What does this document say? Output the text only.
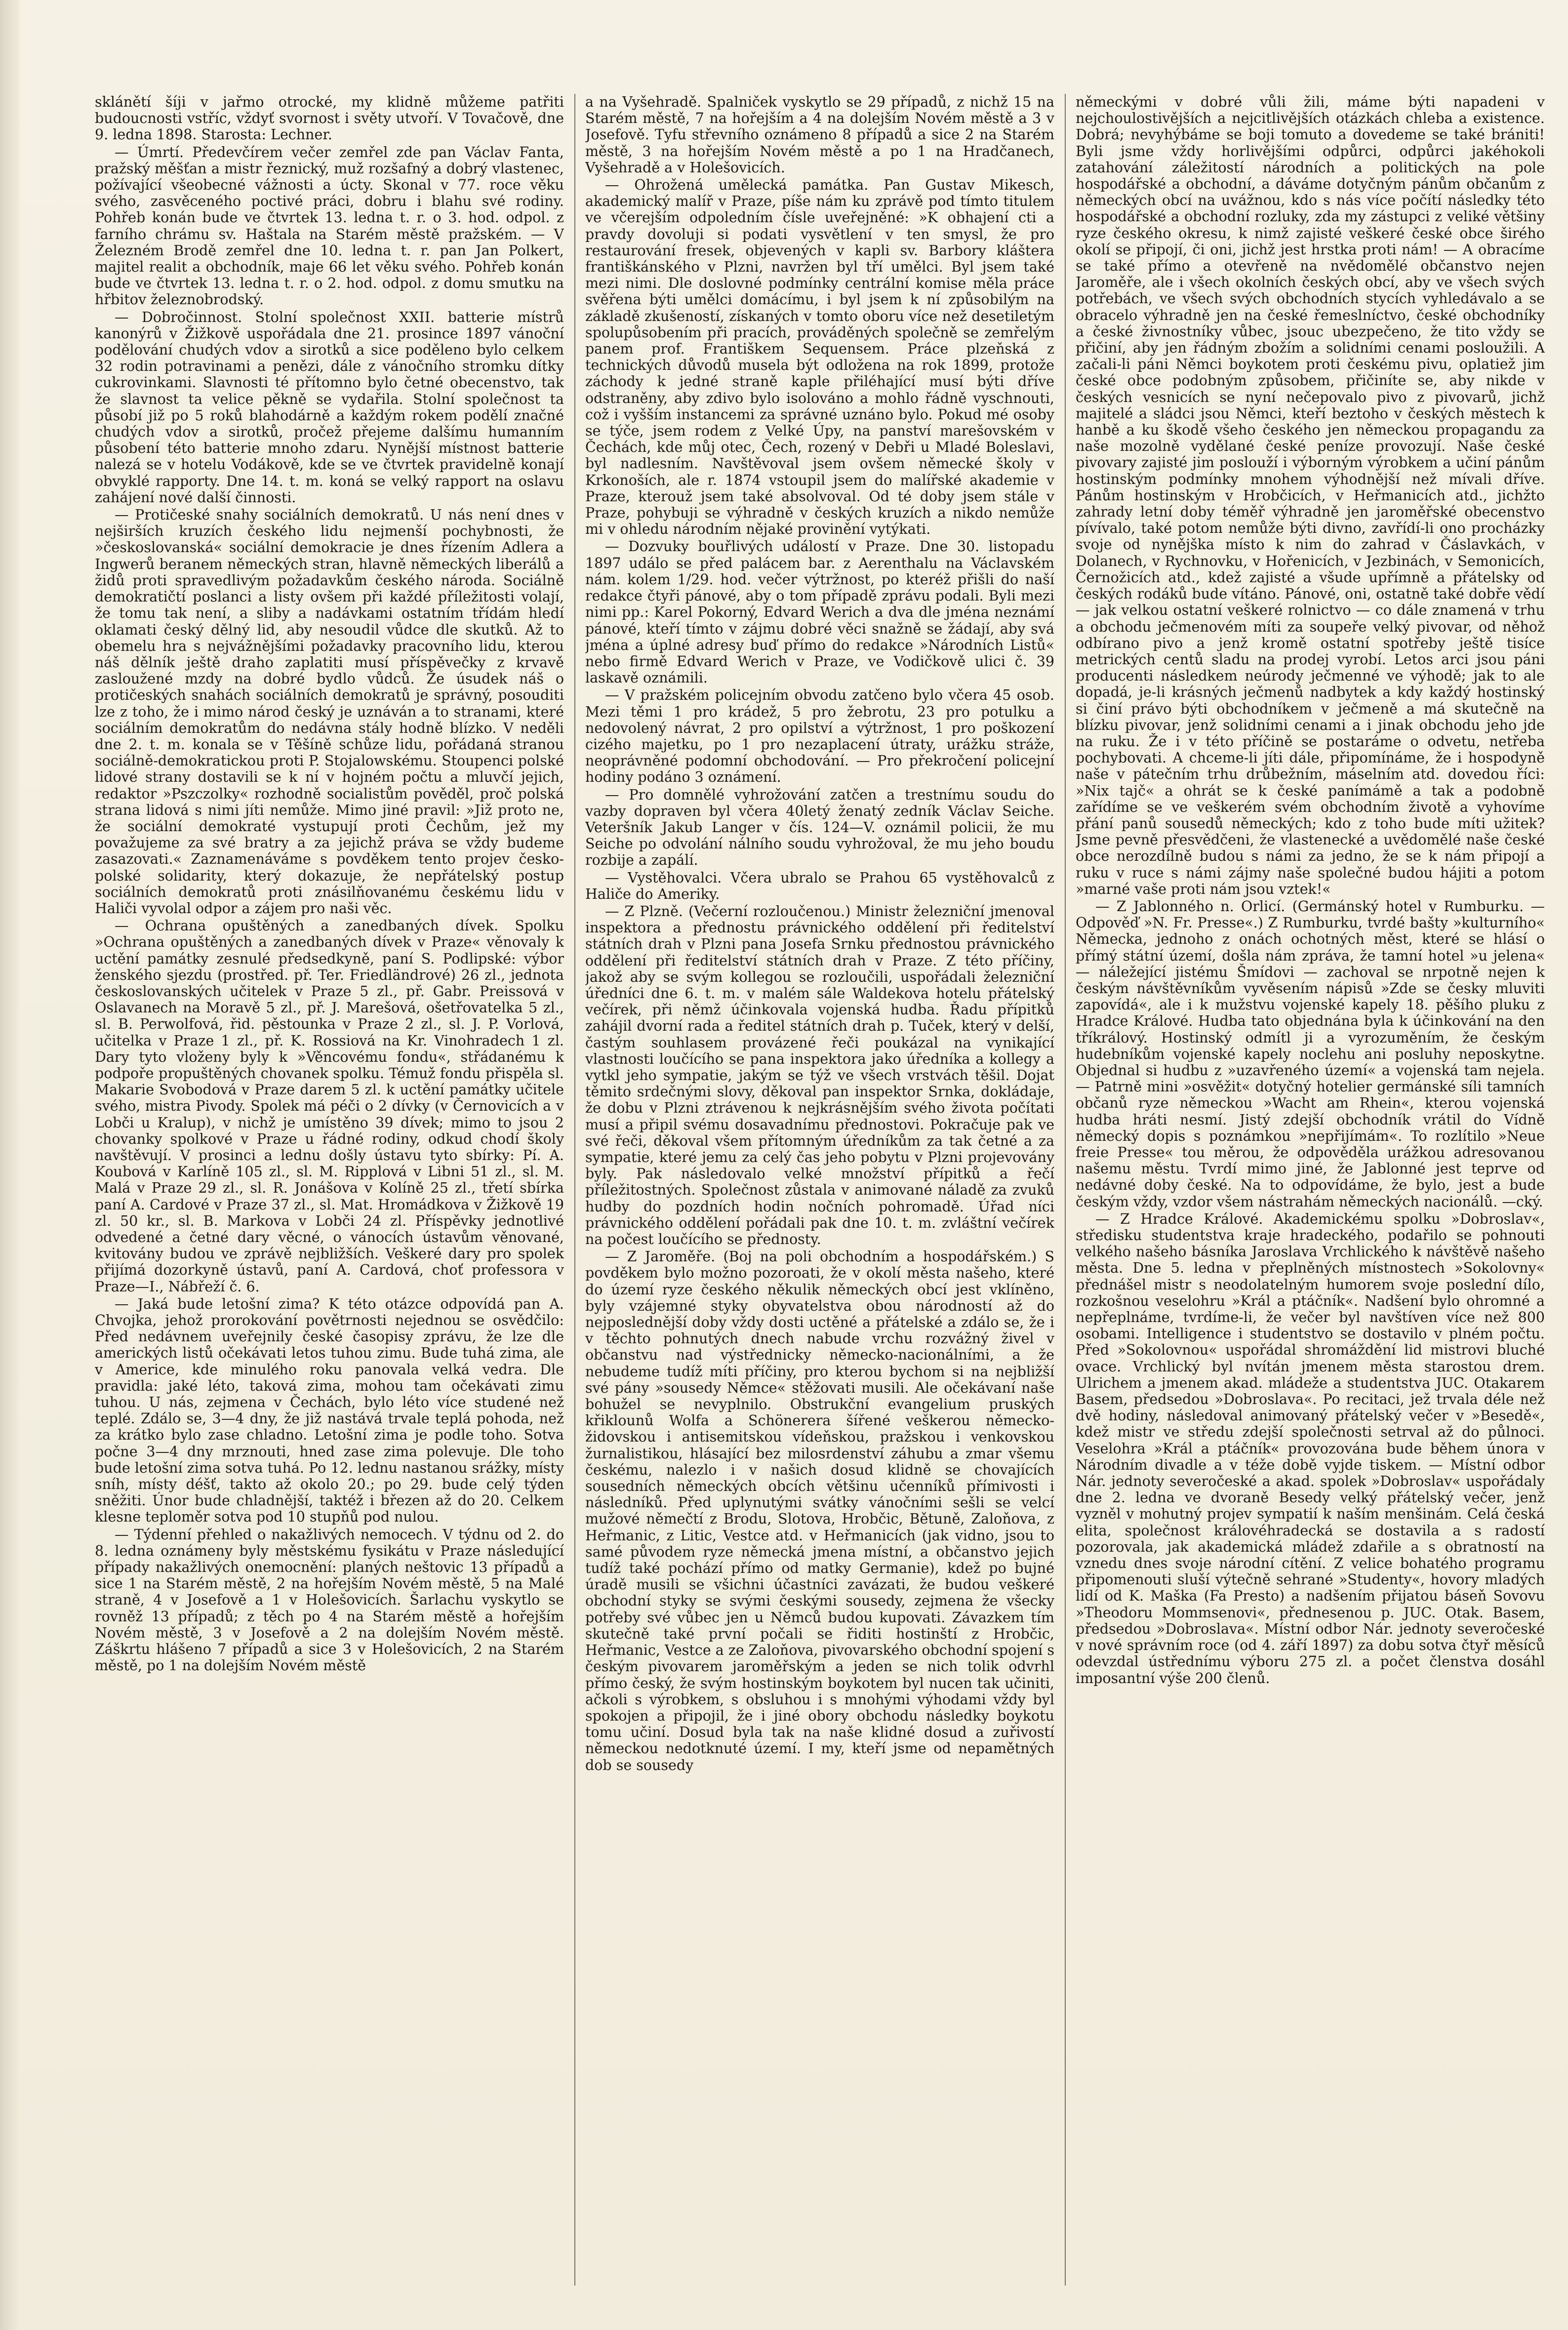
sklánětí šíji v jařmo otrocké, my klidně můžeme patřiti budoucnosti vstříc, vždyť svornost i světy utvoří. V Tovačově, dne 9. ledna 1898. Starosta: Lechner.

— Úmrtí. Předevčírem večer zemřel zde pan Václav Fanta, pražský měšťan a mistr řeznický, muž rozšafný a dobrý vlastenec, požívající všeobecné vážnosti a úcty. Skonal v 77. roce věku svého, zasvěceného poctivé práci, dobru i blahu své rodiny. Pohřeb konán bude ve čtvrtek 13. ledna t. r. o 3. hod. odpol. z farního chrámu sv. Haštala na Starém městě pražském. — V Železném Brodě zemřel dne 10. ledna t. r. pan Jan Polkert, majitel realit a obchodník, maje 66 let věku svého. Pohřeb konán bude ve čtvrtek 13. ledna t. r. o 2. hod. odpol. z domu smutku na hřbitov železnobrodský.

— Dobročinnost. Stolní společnost XXII. batterie místrů kanonýrů v Žižkově uspořádala dne 21. prosince 1897 vánoční podělování chudých vdov a sirotků a sice poděleno bylo celkem 32 rodin potravinami a penězi, dále z vánočního stromku dítky cukrovinkami. Slavnosti té přítomno bylo četné obecenstvo, tak že slavnost ta velice pěkně se vydařila. Stolní společnost ta působí již po 5 roků blahodárně a každým rokem podělí značné chudých vdov a sirotků, pročež přejeme dalšímu humanním působení této batterie mnoho zdaru. Nynější místnost batterie nalezá se v hotelu Vodákově, kde se ve čtvrtek pravidelně konají obvyklé rapporty. Dne 14. t. m. koná se velký rapport na oslavu zahájení nové další činnosti.

— Protičeské snahy sociálních demokratů. U nás není dnes v nejširších kruzích českého lidu nejmenší pochybnosti, že »českoslovanská« sociální demokracie je dnes řízením Adlera a Ingwerů beranem německých stran, hlavně německých liberálů a židů proti spravedlivým požadavkům českého národa. Sociálně demokratičtí poslanci a listy ovšem při každé příležitosti volají, že tomu tak není, a sliby a nadávkami ostatním třídám hledí oklamati český dělný lid, aby nesoudil vůdce dle skutků. Až to obemelu hra s nejvážnějšími požadavky pracovního lidu, kterou náš dělník ještě draho zaplatiti musí příspěvečky z krvavě zasloužené mzdy na dobré bydlo vůdců. Že úsudek náš o protičeských snahách sociálních demokratů je správný, posouditi lze z toho, že i mimo národ český je uznáván a to stranami, které sociálním demokratům do nedávna stály hodně blízko. V neděli dne 2. t. m. konala se v Těšíně schůze lidu, pořádaná stranou sociálně-demokratickou proti P. Stojalowskému. Stoupenci polské lidové strany dostavili se k ní v hojném počtu a mluvčí jejich, redaktor »Pszczolky« rozhodně socialistům pověděl, proč polská strana lidová s nimi jíti nemůže. Mimo jiné pravil: »Již proto ne, že sociální demokraté vystupují proti Čechům, jež my považujeme za své bratry a za jejichž práva se vždy budeme zasazovati.« Zaznamenáváme s povděkem tento projev česko-polské solidarity, který dokazuje, že nepřátelský postup sociálních demokratů proti znásilňovanému českému lidu v Haliči vyvolal odpor a zájem pro naši věc.

— Ochrana opuštěných a zanedbaných dívek. Spolku »Ochrana opuštěných a zanedbaných dívek v Praze« věnovaly k uctění památky zesnulé předsedkyně, paní S. Podlipské: výbor ženského sjezdu (prostřed. př. Ter. Friedländrové) 26 zl., jednota českoslovanských učitelek v Praze 5 zl., př. Gabr. Preissová v Oslavanech na Moravě 5 zl., př. J. Marešová, ošetřovatelka 5 zl., sl. B. Perwolfová, řid. pěstounka v Praze 2 zl., sl. J. P. Vorlová, učitelka v Praze 1 zl., př. K. Rossiová na Kr. Vinohradech 1 zl. Dary tyto vloženy byly k »Věncovému fondu«, střádanému k podpoře propuštěných chovanek spolku. Témuž fondu přispěla sl. Makarie Svobodová v Praze darem 5 zl. k uctění památky učitele svého, mistra Pivody. Spolek má péči o 2 dívky (v Černovicích a v Lobči u Kralup), v nichž je umístěno 39 dívek; mimo to jsou 2 chovanky spolkové v Praze u řádné rodiny, odkud chodí školy navštěvují. V prosinci a lednu došly ústavu tyto sbírky: Pí. A. Koubová v Karlíně 105 zl., sl. M. Ripplová v Libni 51 zl., sl. M. Malá v Praze 29 zl., sl. R. Jonášova v Kolíně 25 zl., třetí sbírka paní A. Cardové v Praze 37 zl., sl. Mat. Hromádkova v Žižkově 19 zl. 50 kr., sl. B. Markova v Lobči 24 zl. Příspěvky jednotlivé odvedené a četné dary věcné, o vánocích ústavům věnované, kvitovány budou ve zprávě nejbližších. Veškeré dary pro spolek přijímá dozorkyně ústavů, paní A. Cardová, choť professora v Praze—I., Nábřeží č. 6.

— Jaká bude letošní zima? K této otázce odpovídá pan A. Chvojka, jehož prorokování povětrnosti nejednou se osvědčilo: Před nedávnem uveřejnily české časopisy zprávu, že lze dle amerických listů očekávati letos tuhou zimu. Bude tuhá zima, ale v Americe, kde minulého roku panovala velká vedra. Dle pravidla: jaké léto, taková zima, mohou tam očekávati zimu tuhou. U nás, zejmena v Čechách, bylo léto více studené než teplé. Zdálo se, 3—4 dny, že již nastává trvale teplá pohoda, než za krátko bylo zase chladno. Letošní zima je podle toho. Sotva počne 3—4 dny mrznouti, hned zase zima polevuje. Dle toho bude letošní zima sotva tuhá. Po 12. lednu nastanou srážky, místy sníh, místy déšť, takto až okolo 20.; po 29. bude celý týden sněžiti. Únor bude chladnější, taktéž i březen až do 20. Celkem klesne teploměr sotva pod 10 stupňů pod nulou.

— Týdenní přehled o nakažlivých nemocech. V týdnu od 2. do 8. ledna oznámeny byly městskému fysikátu v Praze následující případy nakažlivých onemocnění: planých neštovic 13 případů a sice 1 na Starém městě, 2 na hořejším Novém městě, 5 na Malé straně, 4 v Josefově a 1 v Holešovicích. Šarlachu vyskytlo se rovněž 13 případů; z těch po 4 na Starém městě a hořejším Novém městě, 3 v Josefově a 2 na dolejším Novém městě. Záškrtu hlášeno 7 případů a sice 3 v Holešovicích, 2 na Starém městě, po 1 na dolejším Novém městě

a na Vyšehradě. Spalniček vyskytlo se 29 případů, z nichž 15 na Starém městě, 7 na hořejším a 4 na dolejším Novém městě a 3 v Josefově. Tyfu střevního oznámeno 8 případů a sice 2 na Starém městě, 3 na hořejším Novém městě a po 1 na Hradčanech, Vyšehradě a v Holešovicích.

— Ohrožená umělecká památka. Pan Gustav Mikesch, akademický malíř v Praze, píše nám ku zprávě pod tímto titulem ve včerejším odpoledním čísle uveřejněné: »K obhajení cti a pravdy dovoluji si podati vysvětlení v ten smysl, že pro restaurování fresek, objevených v kapli sv. Barbory kláštera františkánského v Plzni, navržen byl tří umělci. Byl jsem také mezi nimi. Dle doslovné podmínky centrální komise měla práce svěřena býti umělci domácímu, i byl jsem k ní způsobilým na základě zkušeností, získaných v tomto oboru více než desetiletým spolupůsobením při pracích, prováděných společně se zemřelým panem prof. Františkem Sequensem. Práce plzeňská z technických důvodů musela být odložena na rok 1899, protože záchody k jedné straně kaple přiléhající musí býti dříve odstraněny, aby zdivo bylo isolováno a mohlo řádně vyschnouti, což i vyšším instancemi za správné uznáno bylo. Pokud mé osoby se týče, jsem rodem z Velké Úpy, na panství marešovském v Čechách, kde můj otec, Čech, rozený v Debři u Mladé Boleslavi, byl nadlesním. Navštěvoval jsem ovšem německé školy v Krkonoších, ale r. 1874 vstoupil jsem do malířské akademie v Praze, kterouž jsem také absolvoval. Od té doby jsem stále v Praze, pohybuji se výhradně v českých kruzích a nikdo nemůže mi v ohledu národním nějaké provinění vytýkati.

— Dozvuky bouřlivých událostí v Praze. Dne 30. listopadu 1897 událo se před palácem bar. z Aerenthalu na Václavském nám. kolem 1/29. hod. večer výtržnost, po kteréž přišli do naší redakce čtyři pánové, aby o tom případě zprávu podali. Byli mezi nimi pp.: Karel Pokorný, Edvard Werich a dva dle jména neznámí pánové, kteří tímto v zájmu dobré věci snažně se žádají, aby svá jména a úplné adresy buď přímo do redakce »Národních Listů« nebo firmě Edvard Werich v Praze, ve Vodičkově ulici č. 39 laskavě oznámili.

— V pražském policejním obvodu zatčeno bylo včera 45 osob. Mezi těmi 1 pro krádež, 5 pro žebrotu, 23 pro potulku a nedovolený návrat, 2 pro opilství a výtržnost, 1 pro poškození cizého majetku, po 1 pro nezaplacení útraty, urážku stráže, neoprávněné podomní obchodování. — Pro překročení policejní hodiny podáno 3 oznámení.

— Pro domnělé vyhrožování zatčen a trestnímu soudu do vazby dopraven byl včera 40letý ženatý zedník Václav Seiche. Veteršník Jakub Langer v čís. 124—V. oznámil policii, že mu Seiche po odvolání nálního soudu vyhrožoval, že mu jeho boudu rozbije a zapálí.

— Vystěhovalci. Včera ubralo se Prahou 65 vystěhovalců z Haliče do Ameriky.

— Z Plzně. (Večerní rozloučenou.) Ministr železniční jmenoval inspektora a přednostu právnického oddělení při ředitelství státních drah v Plzni pana Josefa Srnku přednostou právnického oddělení při ředitelství státních drah v Praze. Z této příčiny, jakož aby se svým kollegou se rozloučili, uspořádali železniční úředníci dne 6. t. m. v malém sále Waldekova hotelu přátelský večírek, při němž účinkovala vojenská hudba. Řadu přípitků zahájil dvorní rada a ředitel státních drah p. Tuček, který v delší, častým souhlasem provázené řeči poukázal na vynikající vlastnosti loučícího se pana inspektora jako úředníka a kollegy a vytkl jeho sympatie, jakým se týž ve všech vrstvách těšil. Dojat těmito srdečnými slovy, děkoval pan inspektor Srnka, dokládaje, že dobu v Plzni ztrávenou k nejkrásnějším svého života počítati musí a připil svému dosavadnímu přednostovi. Pokračuje pak ve své řeči, děkoval všem přítomným úředníkům za tak četné a za sympatie, které jemu za celý čas jeho pobytu v Plzni projevovány byly. Pak následovalo velké množství přípitků a řečí příležitostných. Společnost zůstala v animované náladě za zvuků hudby do pozdních hodin nočních pohromadě. Úřad níci právnického oddělení pořádali pak dne 10. t. m. zvláštní večírek na počest loučícího se přednosty.

— Z Jaroměře. (Boj na poli obchodním a hospodářském.) S povděkem bylo možno pozoroati, že v okolí města našeho, které do území ryze českého někulik německých obcí jest vklíněno, byly vzájemné styky obyvatelstva obou národností až do nejposlednější doby vždy dosti uctěné a přátelské a zdálo se, že i v těchto pohnutých dnech nabude vrchu rozvážný živel v občanstvu nad výstřednicky německo-nacionálními, a že nebudeme tudíž míti příčiny, pro kterou bychom si na nejbližší své pány »sousedy Němce« stěžovati musili. Ale očekávaní naše bohužel se nevyplnilo. Obstrukční evangelium pruských křiklounů Wolfa a Schönerera šířené veškerou německo-židovskou i antisemitskou vídeňskou, pražskou i venkovskou žurnalistikou, hlásající bez milosrdenství záhubu a zmar všemu českému, nalezlo i v našich dosud klidně se chovajících sousedních německých obcích většinu učenníků přímivosti i následníků. Před uplynutými svátky vánočními sešli se velcí mužové němečtí z Brodu, Slotova, Hrobčic, Bětuně, Zaloňova, z Heřmanic, z Litic, Vestce atd. v Heřmanicích (jak vidno, jsou to samé původem ryze německá jmena místní, a občanstvo jejich tudíž také pochází přímo od matky Germanie), kdež po bujné úradě musili se všichni účastníci zavázati, že budou veškeré obchodní styky se svými českými sousedy, zejmena že všecky potřeby své vůbec jen u Němců budou kupovati. Závazkem tím skutečně také první počali se řiditi hostinští z Hrobčic, Heřmanic, Vestce a ze Zaloňova, pivovarského obchodní spojení s českým pivovarem jaroměřským a jeden se nich tolik odvrhl přímo český, že svým hostinským boykotem byl nucen tak učiniti, ačkoli s výrobkem, s obsluhou i s mnohými výhodami vždy byl spokojen a připojil, že i jiné obory obchodu následky boykotu tomu učiní. Dosud byla tak na naše klidné dosud a zuřivostí německou nedotknuté území. I my, kteří jsme od nepamětných dob se sousedy

německými v dobré vůli žili, máme býti napadeni v nejchoulostivějších a nejcitlivějších otázkách chleba a existence. Dobrá; nevyhýbáme se boji tomuto a dovedeme se také brániti! Byli jsme vždy horlivějšími odpůrci, odpůrci jakéhokoli zatahování záležitostí národních a politických na pole hospodářské a obchodní, a dáváme dotyčným pánům občanům z německých obcí na uvážnou, kdo s nás více počítí následky této hospodářské a obchodní rozluky, zda my zástupci z veliké většiny ryze českého okresu, k nimž zajisté veškeré české obce širého okolí se připojí, či oni, jichž jest hrstka proti nám! — A obracíme se také přímo a otevřeně na nvědomělé občanstvo nejen Jaroměře, ale i všech okolních českých obcí, aby ve všech svých potřebách, ve všech svých obchodních stycích vyhledávalo a se obracelo výhradně jen na české řemeslníctvo, české obchodníky a české živnostníky vůbec, jsouc ubezpečeno, že tito vždy se přičiní, aby jen řádným zbožím a solidními cenami posloužili. A začali-li páni Němci boykotem proti českému pivu, oplatiež jim české obce podobným způsobem, přičiníte se, aby nikde v českých vesnicích se nyní nečepovalo pivo z pivovarů, jichž majitelé a sládci jsou Němci, kteří beztoho v českých městech k hanbě a ku škodě všeho českého jen německou propagandu za naše mozolně vydělané české peníze provozují. Naše české pivovary zajisté jim poslouží i výborným výrobkem a učiní pánům hostinským podmínky mnohem výhodnější než mívali dříve. Pánům hostinským v Hrobčicích, v Heřmanicích atd., jichžto zahrady letní doby téměř výhradně jen jaroměřské obecenstvo pívívalo, také potom nemůže býti divno, zavřídí-li ono procházky svoje od nynějška místo k nim do zahrad v Čáslavkách, v Dolanech, v Rychnovku, v Hořenicích, v Jezbinách, v Semonicích, Černožicích atd., kdež zajisté a všude upřímně a přátelsky od českých rodáků bude vítáno. Pánové, oni, ostatně také dobře vědí — jak velkou ostatní veškeré rolnictvo — co dále znamená v trhu a obchodu ječmenovém míti za soupeře velký pivovar, od něhož odbírano pivo a jenž kromě ostatní spotřeby ještě tisíce metrických centů sladu na prodej vyrobí. Letos arci jsou páni producenti následkem neúrody ječmenné ve výhodě; jak to ale dopadá, je-li krásných ječmenů nadbytek a kdy každý hostinský si činí právo býti obchodníkem v ječmeně a má skutečně na blízku pivovar, jenž solidními cenami a i jinak obchodu jeho jde na ruku. Že i v této příčině se postaráme o odvetu, netřeba pochybovati. A chceme-li jíti dále, připomínáme, že i hospodyně naše v pátečním trhu drůbežním, máselním atd. dovedou říci: »Nix tajč« a ohrát se k české panímámě a tak a podobně zařídíme se ve veškerém svém obchodním životě a vyhovíme přání panů sousedů německých; kdo z toho bude míti užitek? Jsme pevně přesvědčeni, že vlastenecké a uvědomělé naše české obce nerozdílně budou s námi za jedno, že se k nám připojí a ruku v ruce s námi zájmy naše společné budou hájiti a potom »marné vaše proti nám jsou vztek!«

— Z Jablonného n. Orlicí. (Germánský hotel v Rumburku. — Odpověď »N. Fr. Presse«.) Z Rumburku, tvrdé bašty »kulturního« Německa, jednoho z onách ochotných měst, které se hlásí o přímý státní území, došla nám zpráva, že tamní hotel »u jelena« — náležející jistému Šmídovi — zachoval se nrpotně nejen k českým návštěvníkům vyvěsením nápisů »Zde se česky mluviti zapovídá«, ale i k mužstvu vojenské kapely 18. pěšího pluku z Hradce Králové. Hudba tato objednána byla k účinkování na den tříkrálový. Hostinský odmítl ji a vyrozuměním, že českým hudebníkům vojenské kapely noclehu ani posluhy neposkytne. Objednal si hudbu z »uzavřeného území« a vojenská tam nejela. — Patrně mini »osvěžit« dotyčný hotelier germánské síli tamních občanů ryze německou »Wacht am Rhein«, kterou vojenská hudba hráti nesmí. Jistý zdejší obchodník vrátil do Vídně německý dopis s poznámkou »nepřijímám«. To rozlítilo »Neue freie Presse« tou měrou, že odpověděla urážkou adresovanou našemu městu. Tvrdí mimo jiné, že Jablonné jest teprve od nedávné doby české. Na to odpovídáme, že bylo, jest a bude českým vždy, vzdor všem nástrahám německých nacionálů. —cký.

— Z Hradce Králové. Akademickému spolku »Dobroslav«, středisku studentstva kraje hradeckého, podařilo se pohnouti velkého našeho básníka Jaroslava Vrchlického k návštěvě našeho města. Dne 5. ledna v přeplněných místnostech »Sokolovny« přednášel mistr s neodolatelným humorem svoje poslední dílo, rozkošnou veselohru »Král a ptáčník«. Nadšení bylo ohromné a nepřeplnáme, tvrdíme-li, že večer byl navštíven více než 800 osobami. Intelligence i studentstvo se dostavilo v plném počtu. Před »Sokolovnou« uspořádal shromáždění lid mistrovi bluché ovace. Vrchlický byl nvítán jmenem města starostou drem. Ulrichem a jmenem akad. mládeže a studentstva JUC. Otakarem Basem, předsedou »Dobroslava«. Po recitaci, jež trvala déle než dvě hodiny, následoval animovaný přátelský večer v »Besedě«, kdež mistr ve středu zdejší společnosti setrval až do půlnoci. Veselohra »Král a ptáčník« provozována bude během února v Národním divadle a v téže době vyjde tiskem. — Místní odbor Nár. jednoty severočeské a akad. spolek »Dobroslav« uspořádaly dne 2. ledna ve dvoraně Besedy velký přátelský večer, jenž vyzněl v mohutný projev sympatií k naším menšinám. Celá česká elita, společnost královéhradecká se dostavila a s radostí pozorovala, jak akademická mládež zdařile a s obratností na vznedu dnes svoje národní cítění. Z velice bohatého programu připomenouti sluší výtečně sehrané »Studenty«, hovory mladých lidí od K. Maška (Fa Presto) a nadšením přijatou báseň Sovovu »Theodoru Mommsenovi«, přednesenou p. JUC. Otak. Basem, předsedou »Dobroslava«. Místní odbor Nár. jednoty severočeské v nové správním roce (od 4. září 1897) za dobu sotva čtyř měsíců odevzdal ústřednímu výboru 275 zl. a počet členstva dosáhl imposantní výše 200 členů.
